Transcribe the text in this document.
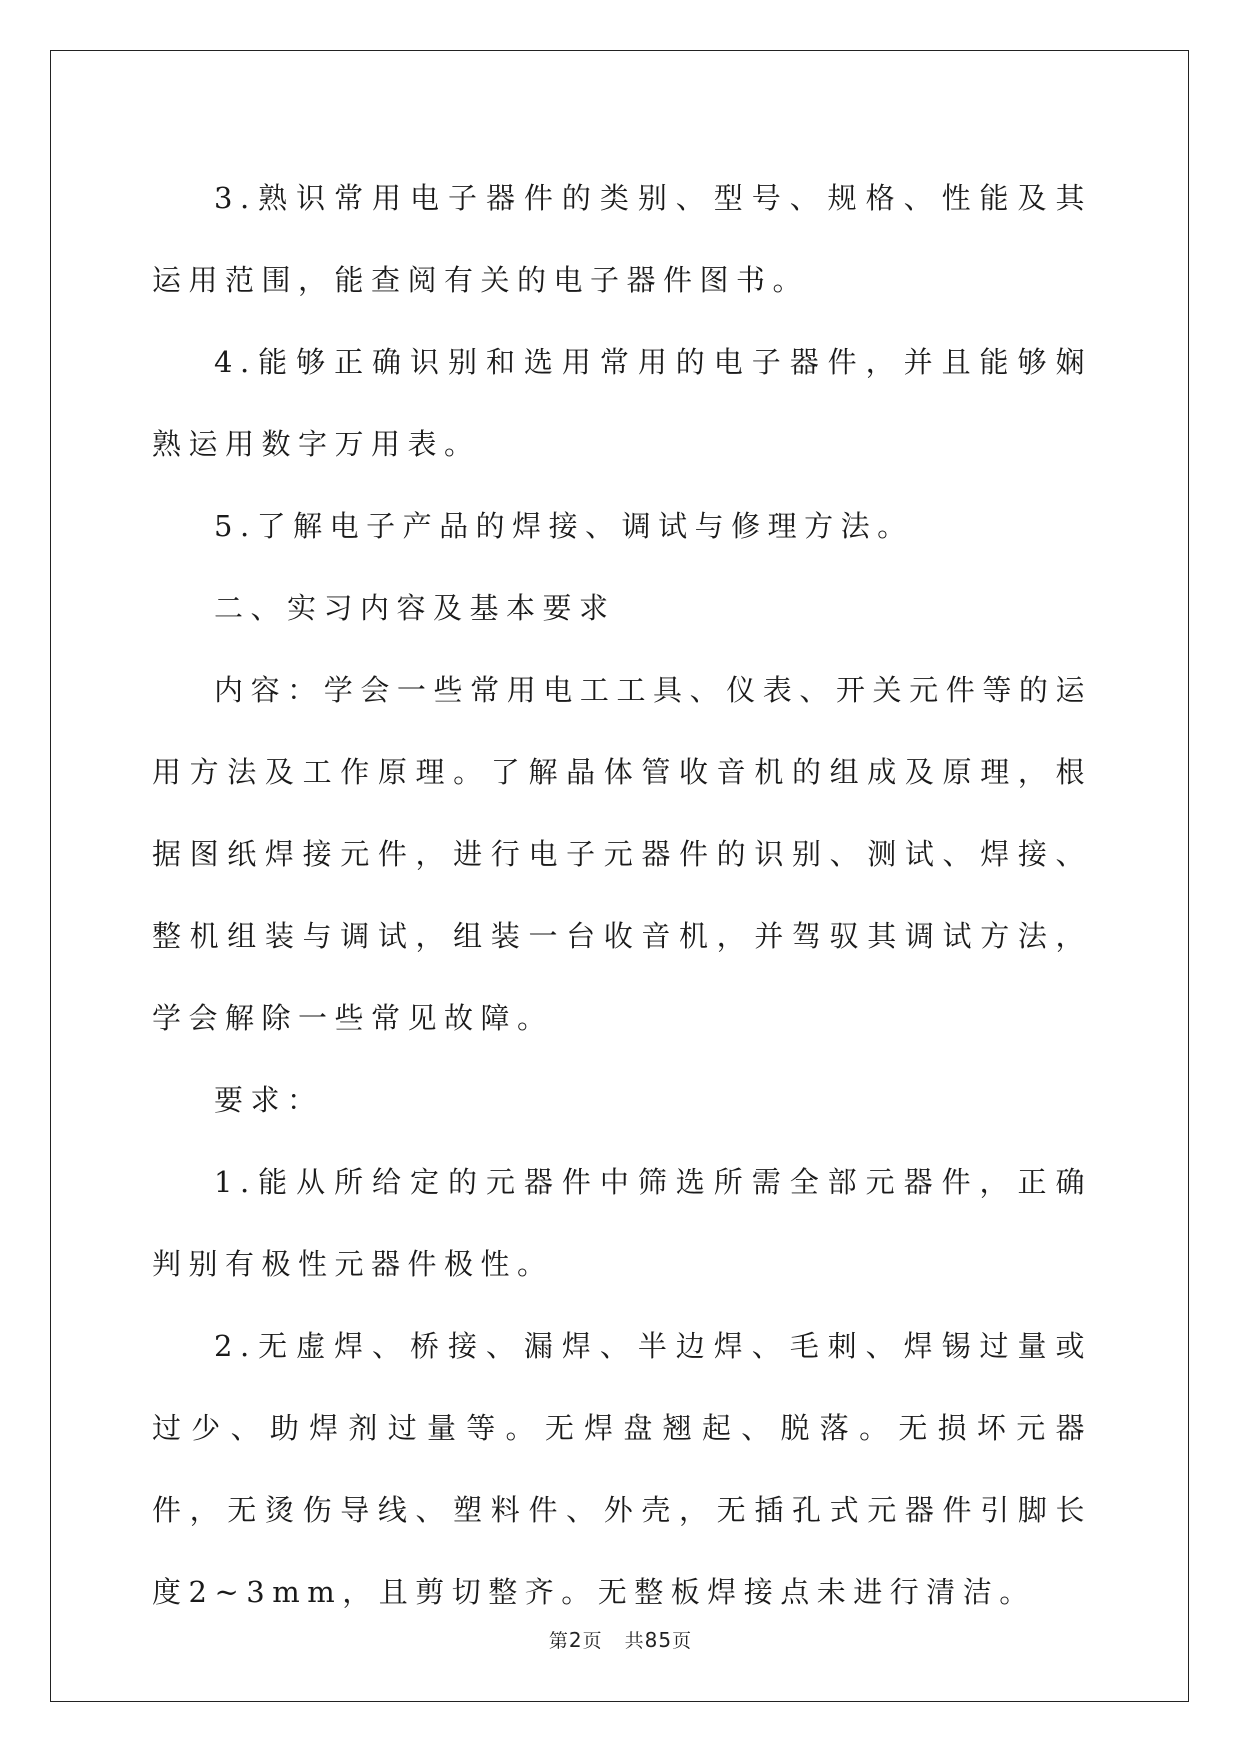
3.熟识常用电子器件的类别、型号、规格、性能及其运用范围，能查阅有关的电子器件图书。

4.能够正确识别和选用常用的电子器件，并且能够娴熟运用数字万用表。

5.了解电子产品的焊接、调试与修理方法。

二、实习内容及基本要求

内容：学会一些常用电工工具、仪表、开关元件等的运用方法及工作原理。了解晶体管收音机的组成及原理，根据图纸焊接元件，进行电子元器件的识别、测试、焊接、整机组装与调试，组装一台收音机，并驾驭其调试方法，学会解除一些常见故障。

要求：

1.能从所给定的元器件中筛选所需全部元器件，正确判别有极性元器件极性。

2.无虚焊、桥接、漏焊、半边焊、毛刺、焊锡过量或过少、助焊剂过量等。无焊盘翘起、脱落。无损坏元器件，无烫伤导线、塑料件、外壳，无插孔式元器件引脚长度2~3mm，且剪切整齐。无整板焊接点未进行清洁。

第2页 共85页
